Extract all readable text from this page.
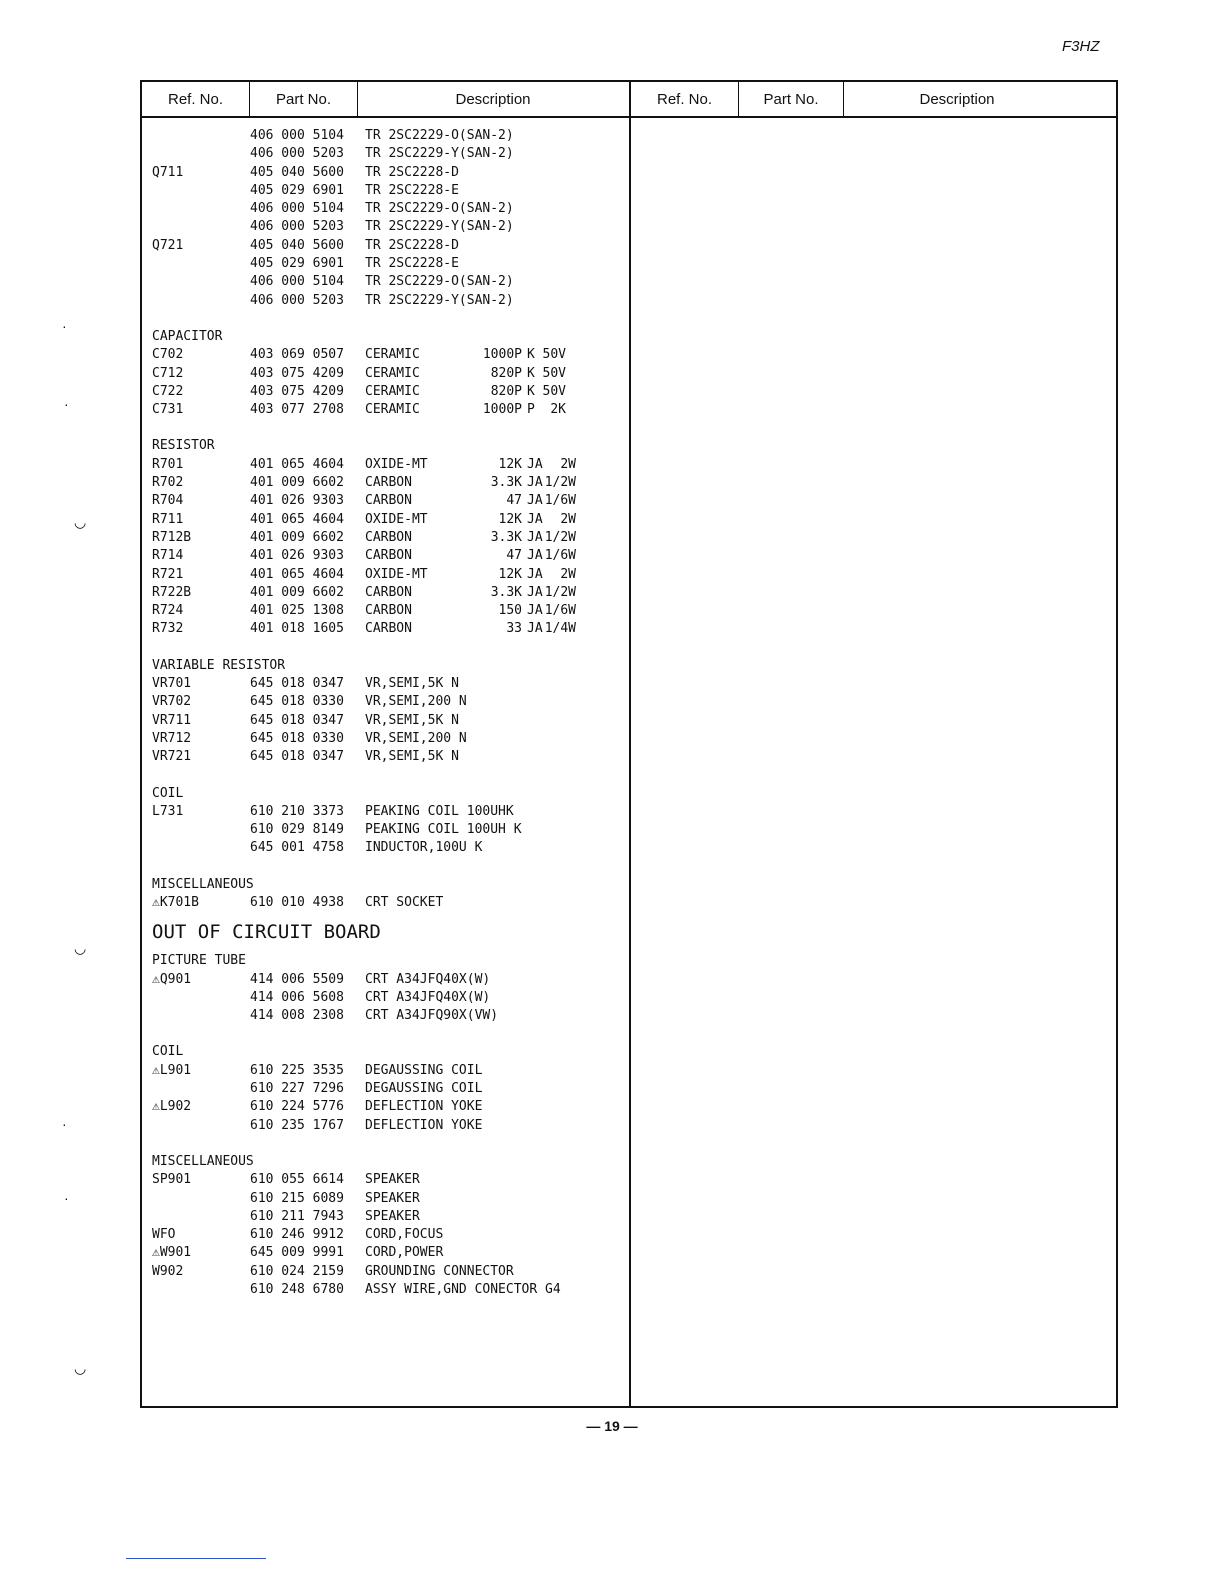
F3HZ
Ref. No.	Part No.	Description	Ref. No.	Part No.	Description
406 000 5104 TR 2SC2229-O(SAN-2)
406 000 5203 TR 2SC2229-Y(SAN-2)
Q711	405 040 5600 TR 2SC2228-D
405 029 6901 TR 2SC2228-E
406 000 5104 TR 2SC2229-O(SAN-2)
406 000 5203 TR 2SC2229-Y(SAN-2)
Q721	405 040 5600 TR 2SC2228-D
405 029 6901 TR 2SC2228-E
406 000 5104 TR 2SC2229-O(SAN-2)
406 000 5203 TR 2SC2229-Y(SAN-2)
CAPACITOR
C702	403 069 0507 CERAMIC	1000P K 50V
C712	403 075 4209 CERAMIC	820P K 50V
C722	403 075 4209 CERAMIC	820P K 50V
C731	403 077 2708 CERAMIC	1000P P	2K
RESISTOR
R701	401 065 4604 OXIDE-MT	12K JA	2W
R702	401 009 6602 CARBON	3.3K JA 1/2W
R704	401 026 9303 CARBON	47 JA 1/6W
R711	401 065 4604 OXIDE-MT	12K JA	2W
R712B	401 009 6602 CARBON	3.3K JA 1/2W
R714	401 026 9303 CARBON	47 JA 1/6W
R721	401 065 4604 OXIDE-MT	12K JA	2W
R722B	401 009 6602 CARBON	3.3K JA 1/2W
R724	401 025 1308 CARBON	150 JA 1/6W
R732	401 018 1605 CARBON	33 JA 1/4W
VARIABLE RESISTOR
VR701	645 018 0347 VR,SEMI,5K N
VR702	645 018 0330 VR,SEMI,200 N
VR711	645 018 0347 VR,SEMI,5K N
VR712	645 018 0330 VR,SEMI,200 N
VR721	645 018 0347 VR,SEMI,5K N
COIL
L731	610 210 3373 PEAKING COIL 100UHK
610 029 8149 PEAKING COIL 100UH K
645 001 4758 INDUCTOR,100U K
MISCELLANEOUS
⚠K701B	610 010 4938 CRT SOCKET
OUT OF CIRCUIT BOARD
PICTURE TUBE
⚠Q901	414 006 5509 CRT A34JFQ40X(W)
414 006 5608 CRT A34JFQ40X(W)
414 008 2308 CRT A34JFQ90X(VW)
COIL
⚠L901	610 225 3535 DEGAUSSING COIL
610 227 7296 DEGAUSSING COIL
⚠L902	610 224 5776 DEFLECTION YOKE
610 235 1767 DEFLECTION YOKE
MISCELLANEOUS
SP901	610 055 6614 SPEAKER
610 215 6089 SPEAKER
610 211 7943 SPEAKER
WFO	610 246 9912 CORD,FOCUS
⚠W901	645 009 9991 CORD,POWER
W902	610 024 2159 GROUNDING CONNECTOR
610 248 6780 ASSY WIRE,GND CONECTOR G4
— 19 —
·
·
◡
◡
·
·
◡
